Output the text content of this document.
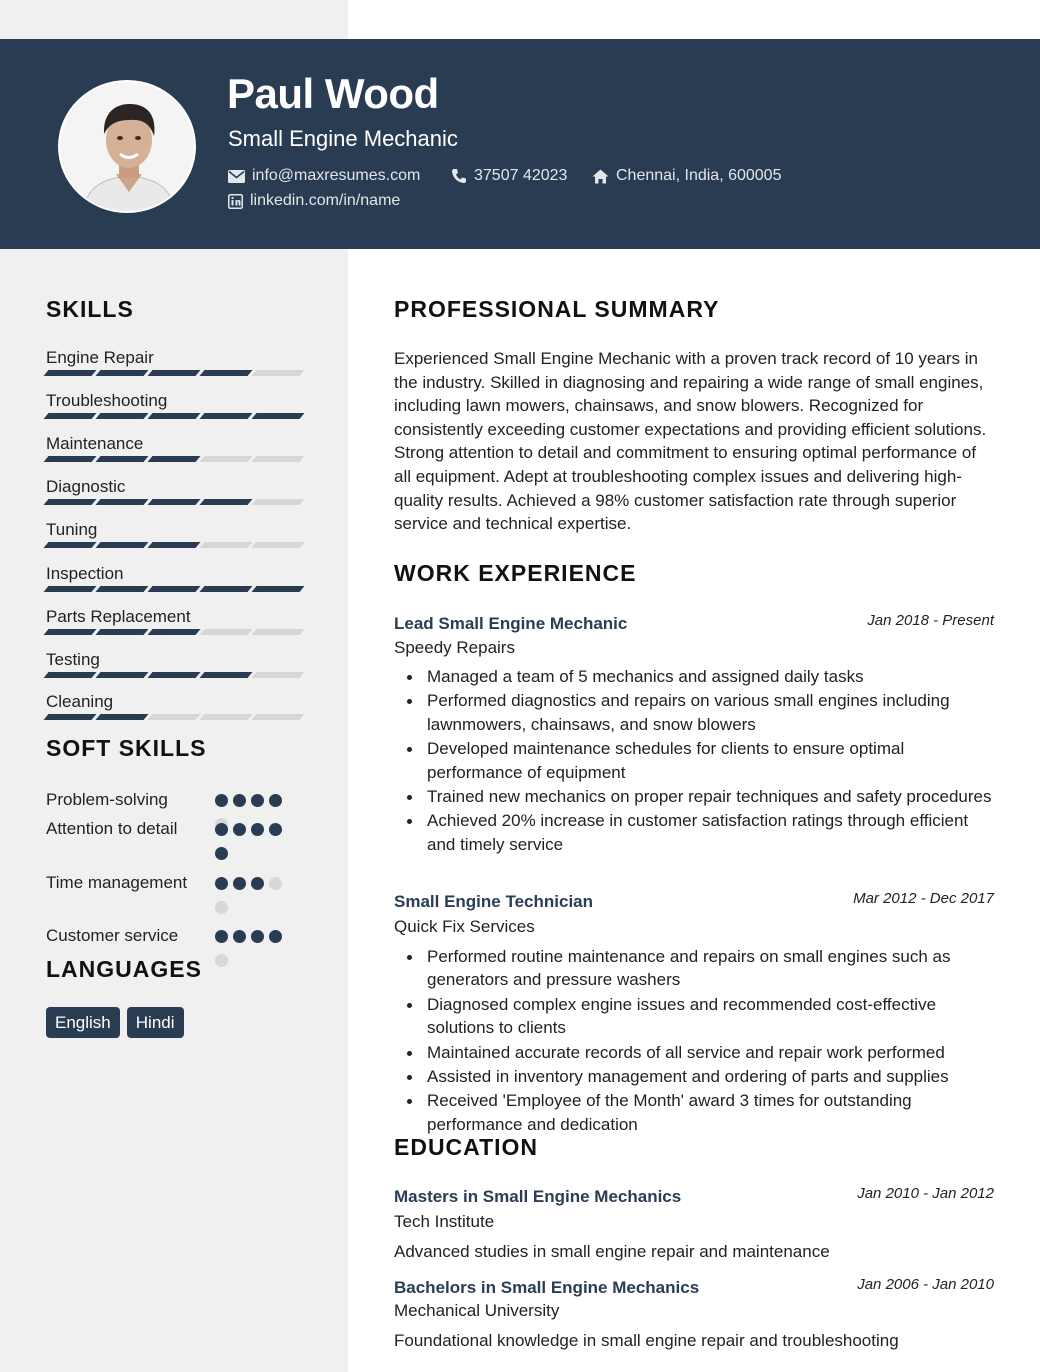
Paul Wood
Small Engine Mechanic
info@maxresumes.com	37507 42023	Chennai, India, 600005
linkedin.com/in/name
SKILLS
Engine Repair
Troubleshooting
Maintenance
Diagnostic
Tuning
Inspection
Parts Replacement
Testing
Cleaning
SOFT SKILLS
Problem-solving
Attention to detail
Time management
Customer service
LANGUAGES
English	Hindi
PROFESSIONAL SUMMARY
Experienced Small Engine Mechanic with a proven track record of 10 years in the industry. Skilled in diagnosing and repairing a wide range of small engines, including lawn mowers, chainsaws, and snow blowers. Recognized for consistently exceeding customer expectations and providing efficient solutions. Strong attention to detail and commitment to ensuring optimal performance of all equipment. Adept at troubleshooting complex issues and delivering high-quality results. Achieved a 98% customer satisfaction rate through superior service and technical expertise.
WORK EXPERIENCE
Lead Small Engine Mechanic	Jan 2018 - Present
Speedy Repairs
Managed a team of 5 mechanics and assigned daily tasks
Performed diagnostics and repairs on various small engines including lawnmowers, chainsaws, and snow blowers
Developed maintenance schedules for clients to ensure optimal performance of equipment
Trained new mechanics on proper repair techniques and safety procedures
Achieved 20% increase in customer satisfaction ratings through efficient and timely service
Small Engine Technician	Mar 2012 - Dec 2017
Quick Fix Services
Performed routine maintenance and repairs on small engines such as generators and pressure washers
Diagnosed complex engine issues and recommended cost-effective solutions to clients
Maintained accurate records of all service and repair work performed
Assisted in inventory management and ordering of parts and supplies
Received 'Employee of the Month' award 3 times for outstanding performance and dedication
EDUCATION
Masters in Small Engine Mechanics	Jan 2010 - Jan 2012
Tech Institute
Advanced studies in small engine repair and maintenance
Bachelors in Small Engine Mechanics	Jan 2006 - Jan 2010
Mechanical University
Foundational knowledge in small engine repair and troubleshooting
